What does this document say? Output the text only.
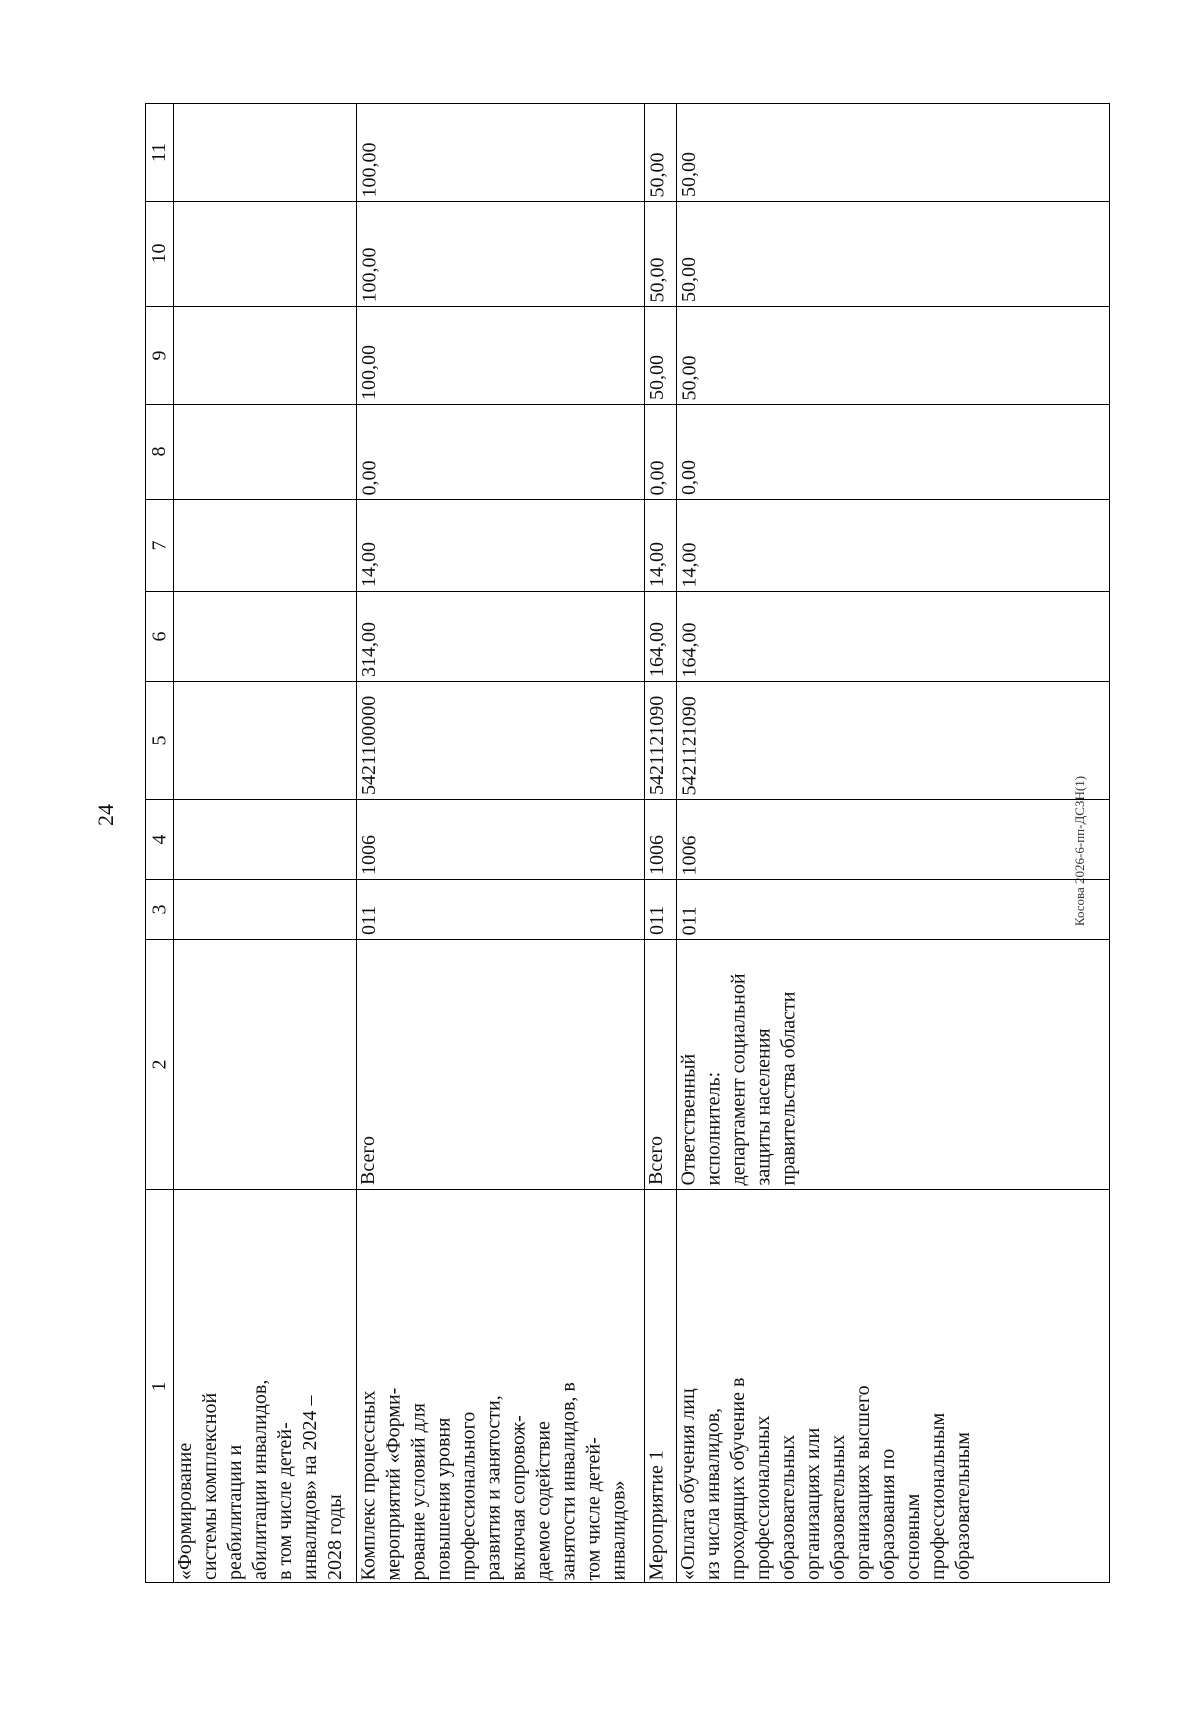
24	Косова 2026-6-пп-ДСЗН(1)
1
2
3
4
5
6
7
8
9
10
11
«Формирование системы комплексной реабилитации и абилитации инвалидов, в том числе детей- инвалидов» на 2024 – 2028 годы Комплекс процессных мероприятий «Форми- рование условий для повышения уровня профессионального развития и занятости, включая сопровож- даемое содействие занятости инвалидов, в том числе детей- инвалидов»
Всего
011
1006
5421100000
314,00
14,00
0,00
100,00
100,00
100,00
Мероприятие 1
Всего
011
1006
5421121090
164,00
14,00
0,00
50,00
50,00
50,00
«Оплата обучения лиц из числа инвалидов, проходящих обучение в профессиональных образовательных организациях или образовательных организациях высшего образования по основным профессиональным образовательным
Ответственный исполнитель: департамент социальной защиты населения правительства области
011
1006
5421121090
164,00
14,00
0,00
50,00
50,00
50,00
